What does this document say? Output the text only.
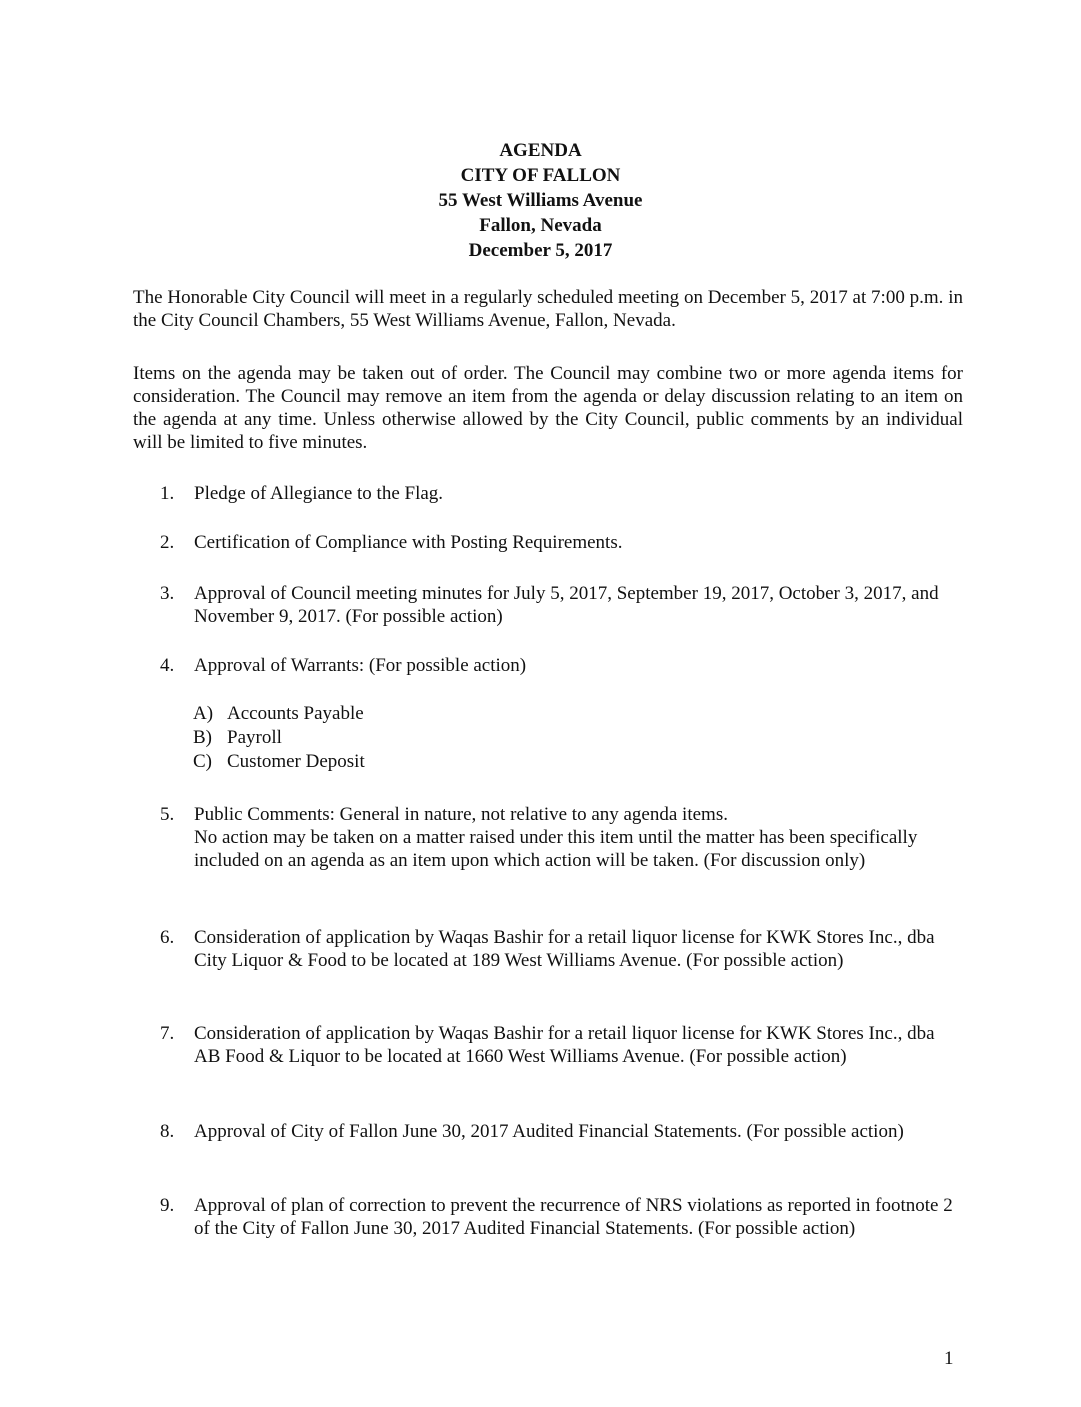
AGENDA
CITY OF FALLON
55 West Williams Avenue
Fallon, Nevada
December 5, 2017
The Honorable City Council will meet in a regularly scheduled meeting on December 5, 2017 at 7:00 p.m. in the City Council Chambers, 55 West Williams Avenue, Fallon, Nevada.
Items on the agenda may be taken out of order. The Council may combine two or more agenda items for consideration. The Council may remove an item from the agenda or delay discussion relating to an item on the agenda at any time. Unless otherwise allowed by the City Council, public comments by an individual will be limited to five minutes.
1.	Pledge of Allegiance to the Flag.
2.	Certification of Compliance with Posting Requirements.
3.	Approval of Council meeting minutes for July 5, 2017, September 19, 2017, October 3, 2017, and November 9, 2017. (For possible action)
4.	Approval of Warrants: (For possible action)
A) Accounts Payable
B) Payroll
C) Customer Deposit
5.	Public Comments: General in nature, not relative to any agenda items.
No action may be taken on a matter raised under this item until the matter has been specifically included on an agenda as an item upon which action will be taken. (For discussion only)
6.	Consideration of application by Waqas Bashir for a retail liquor license for KWK Stores Inc., dba City Liquor & Food to be located at 189 West Williams Avenue. (For possible action)
7.	Consideration of application by Waqas Bashir for a retail liquor license for KWK Stores Inc., dba AB Food & Liquor to be located at 1660 West Williams Avenue. (For possible action)
8.	Approval of City of Fallon June 30, 2017 Audited Financial Statements. (For possible action)
9.	Approval of plan of correction to prevent the recurrence of NRS violations as reported in footnote 2 of the City of Fallon June 30, 2017 Audited Financial Statements. (For possible action)
1
